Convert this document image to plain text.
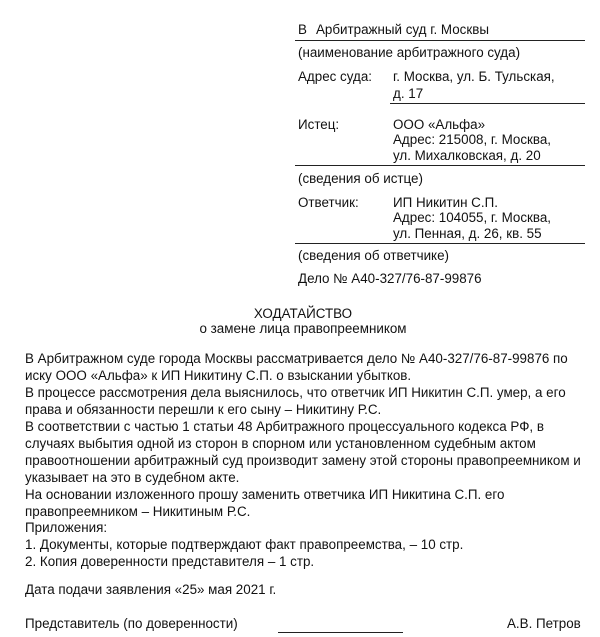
В Арбитражный суд г. Москвы
(наименование арбитражного суда)
Адрес суда: г. Москва, ул. Б. Тульская,
д. 17
Истец:	ООО «Альфа»
Адрес: 215008, г. Москва,
ул. Михалковская, д. 20
(сведения об истце)
Ответчик:	ИП Никитин С.П.
Адрес: 104055, г. Москва,
ул. Пенная, д. 26, кв. 55
(сведения об ответчике)
Дело № А40-327/76-87-99876
ХОДАТАЙСТВО
о замене лица правопреемником
В Арбитражном суде города Москвы рассматривается дело № А40-327/76-87-99876 по
иску ООО «Альфа» к ИП Никитину С.П. о взыскании убытков.
В процессе рассмотрения дела выяснилось, что ответчик ИП Никитин С.П. умер, а его
права и обязанности перешли к его сыну – Никитину Р.С.
В соответствии с частью 1 статьи 48 Арбитражного процессуального кодекса РФ, в
случаях выбытия одной из сторон в спорном или установленном судебным актом
правоотношении арбитражный суд производит замену этой стороны правопреемником и
указывает на это в судебном акте.
На основании изложенного прошу заменить ответчика ИП Никитина С.П. его
правопреемником – Никитиным Р.С.
Приложения:
1. Документы, которые подтверждают факт правопреемства, – 10 стр.
2. Копия доверенности представителя – 1 стр.
Дата подачи заявления «25» мая 2021 г.
Представитель (по доверенности)	А.В. Петров
